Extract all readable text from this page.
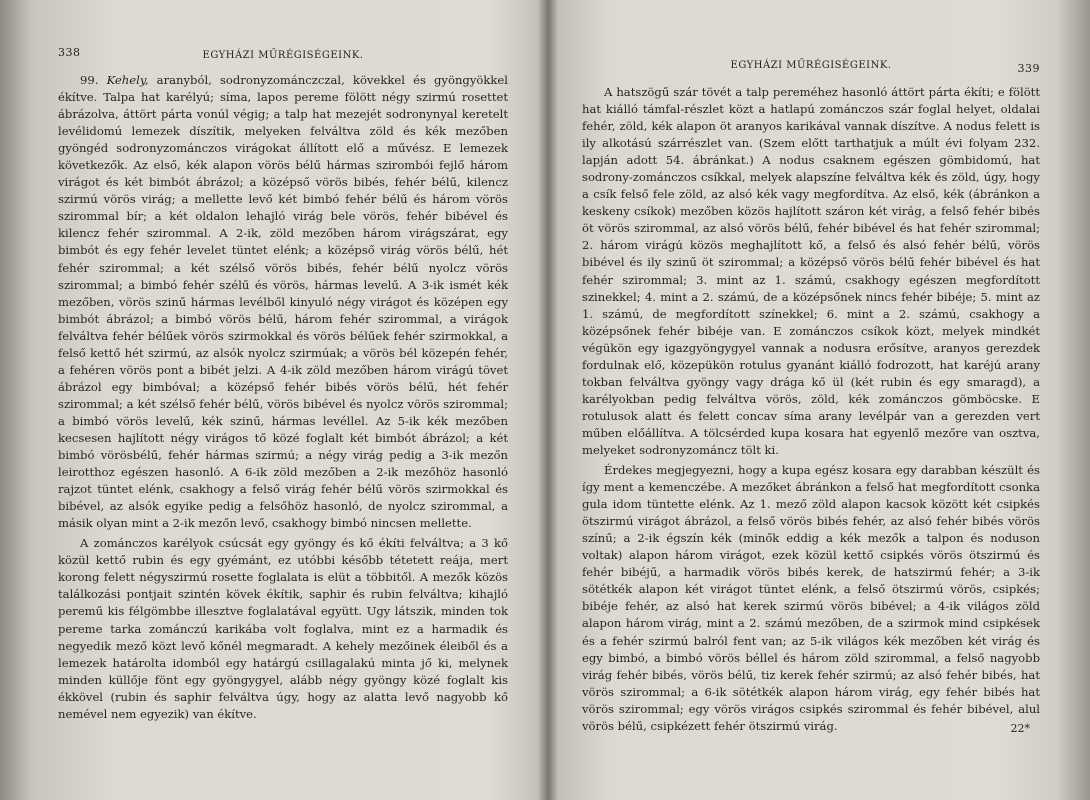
338	EGYHÁZI MŰRÉGISÉGEINK.

99. Kehely, aranyból, sodronyzománczczal, kövekkel és gyöngyökkel ékítve. Talpa hat karélyú; síma, lapos pereme fölött négy szirmú rosettet ábrázolva, áttört párta vonúl végig; a talp hat mezejét sodronynyal keretelt levélidomú lemezek díszítik, melyeken felváltva zöld és kék mezőben gyöngéd sodronyzománczos virágokat állított elő a művész. E lemezek következők. Az első, kék alapon vörös bélű hármas szirombói fejlő három virágot és két bimbót ábrázol; a középső vörös bibés, fehér bélű, kilencz szirmú vörös virág; a mellette levő két bimbó fehér bélű és három vörös szirommal bír; a két oldalon lehajló virág bele vörös, fehér bibével és kilencz fehér szirommal. A 2-ik, zöld mezőben három virágszárat, egy bimbót és egy fehér levelet tüntet elénk; a középső virág vörös bélű, hét fehér szirommal; a két szélső vörös bibés, fehér bélű nyolcz vörös szirommal; a bimbó fehér szélű és vörös, hármas levelű. A 3-ik ismét kék mezőben, vörös szinű hármas levélből kinyuló négy virágot és középen egy bimbót ábrázol; a bimbó vörös bélű, három fehér szirommal, a virágok felváltva fehér bélűek vörös szirmokkal és vörös bélűek fehér szirmokkal, a felső kettő hét szirmú, az alsók nyolcz szirmúak; a vörös bél közepén fehér, a fehéren vörös pont a bibét jelzi. A 4-ik zöld mezőben három virágú tövet ábrázol egy bimbóval; a középső fehér bibés vörös bélű, hét fehér szirommal; a két szélső fehér bélű, vörös bibével és nyolcz vörös szirommal; a bimbó vörös levelű, kék szinű, hármas levéllel. Az 5-ik kék mezőben kecsesen hajlított négy virágos tő közé foglalt két bimbót ábrázol; a két bimbó vörösbélű, fehér hármas szirmú; a négy virág pedig a 3-ik mezőn leirotthoz egészen hasonló. A 6-ik zöld mezőben a 2-ik mezőhöz hasonló rajzot tüntet elénk, csakhogy a felső virág fehér bélű vörös szirmokkal és bibével, az alsók egyike pedig a felsőhöz hasonló, de nyolcz szirommal, a másik olyan mint a 2-ik mezőn levő, csakhogy bimbó nincsen mellette.

A zománczos karélyok csúcsát egy gyöngy és kő ékíti felváltva; a 3 kő közül kettő rubin és egy gyémánt, ez utóbbi később tétetett reája, mert korong felett négyszirmú rosette foglalata is elüt a többitől. A mezők közös találkozási pontjait szintén kövek ékítik, saphir és rubin felváltva; kihajló peremű kis félgömbbe illesztve foglalatával együtt. Ugy látszik, minden tok pereme tarka zománczú karikába volt foglalva, mint ez a harmadik és negyedik mező közt levő kőnél megmaradt. A kehely mezőinek éleiből és a lemezek határolta idomból egy határgú csillagalakú minta jő ki, melynek minden küllője fönt egy gyöngygyel, alább négy gyöngy közé foglalt kis ékkövel (rubin és saphir felváltva úgy, hogy az alatta levő nagyobb kő nemével nem egyezik) van ékítve.

EGYHÁZI MŰRÉGISÉGEINK.	339

A hatszögű szár tövét a talp pereméhez hasonló áttört párta ékíti; e fölött hat kiálló támfal-részlet közt a hatlapú zománczos szár foglal helyet, oldalai fehér, zöld, kék alapon öt aranyos karikával vannak díszítve. A nodus felett is ily alkotású szárrészlet van. (Szem előtt tarthatjuk a múlt évi folyam 232. lapján adott 54. ábránkat.) A nodus csaknem egészen gömbidomú, hat sodrony-zománczos csíkkal, melyek alapszíne felváltva kék és zöld, úgy, hogy a csík felső fele zöld, az alsó kék vagy megfordítva. Az első, kék (ábránkon a keskeny csíkok) mezőben közös hajlított száron két virág, a felső fehér bibés öt vörös szirommal, az alsó vörös bélű, fehér bibével és hat fehér szirommal; 2. három virágú közös meghajlított kő, a felső és alsó fehér bélű, vörös bibével és ily szinű öt szirommal; a középső vörös bélű fehér bibével és hat fehér szirommal; 3. mint az 1. számú, csakhogy egészen megfordított szinekkel; 4. mint a 2. számú, de a középsőnek nincs fehér bibéje; 5. mint az 1. számú, de megfordított színekkel; 6. mint a 2. számú, csakhogy a középsőnek fehér bibéje van. E zománczos csíkok közt, melyek mindkét végükön egy igazgyöngygyel vannak a nodusra erősítve, aranyos gerezdek fordulnak elő, közepükön rotulus gyanánt kiálló fodrozott, hat karéjú arany tokban felváltva gyöngy vagy drága kő ül (két rubin és egy smaragd), a karélyokban pedig felváltva vörös, zöld, kék zománczos gömböcske. E rotulusok alatt és felett concav síma arany levélpár van a gerezden vert műben előállítva. A tölcsérded kupa kosara hat egyenlő mezőre van osztva, melyeket sodronyzománcz tölt ki.

Érdekes megjegyezni, hogy a kupa egész kosara egy darabban készült és így ment a kemenczébe. A mezőket ábránkon a felső hat megfordított csonka gula idom tüntette elénk. Az 1. mező zöld alapon kacsok között két csipkés ötszirmú virágot ábrázol, a felső vörös bibés fehér, az alsó fehér bibés vörös színű; a 2-ik égszín kék (minők eddig a kék mezők a talpon és noduson voltak) alapon három virágot, ezek közül kettő csipkés vörös ötszirmú és fehér bibéjű, a harmadik vörös bibés kerek, de hatszirmú fehér; a 3-ik sötétkék alapon két virágot tüntet elénk, a felső ötszirmú vörös, csipkés; bibéje fehér, az alsó hat kerek szirmú vörös bibével; a 4-ik világos zöld alapon három virág, mint a 2. számú mezőben, de a szirmok mind csipkések és a fehér szirmú balról fent van; az 5-ik világos kék mezőben két virág és egy bimbó, a bimbó vörös béllel és három zöld szirommal, a felső nagyobb virág fehér bibés, vörös bélű, tiz kerek fehér szirmú; az alsó fehér bibés, hat vörös szirommal; a 6-ik sötétkék alapon három virág, egy fehér bibés hat vörös szirommal; egy vörös virágos csipkés szirommal és fehér bibével, alul vörös bélű, csipkézett fehér ötszirmú virág.	22*
